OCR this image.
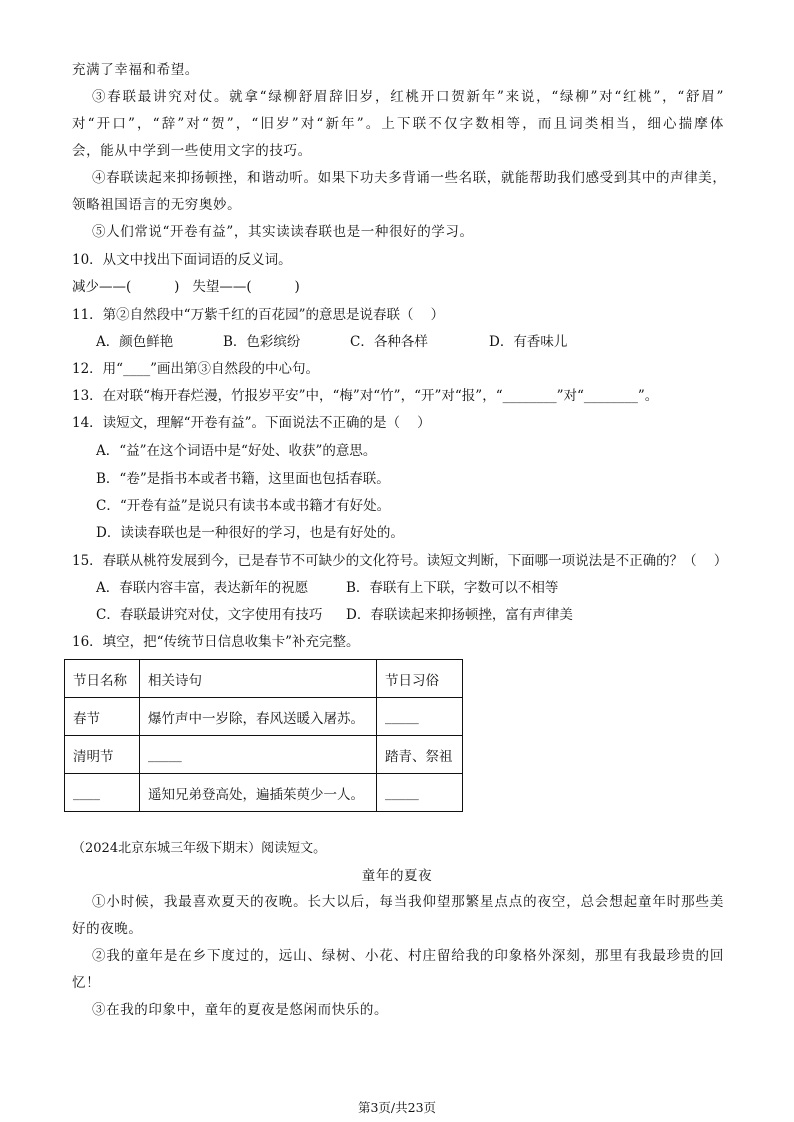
充满了幸福和希望。
③春联最讲究对仗。就拿“绿柳舒眉辞旧岁，红桃开口贺新年”来说，“绿柳”对“红桃”，“舒眉”
对“开口”，“辞”对“贺”，“旧岁”对“新年”。上下联不仅字数相等，而且词类相当，细心揣摩体
会，能从中学到一些使用文字的技巧。
④春联读起来抑扬顿挫，和谐动听。如果下功夫多背诵一些名联，就能帮助我们感受到其中的声律美，
领略祖国语言的无穷奥妙。
⑤人们常说“开卷有益”，其实读读春联也是一种很好的学习。
10．从文中找出下面词语的反义词。
减少——(          )   失望——(          )
11．第②自然段中“万紫千红的百花园”的意思是说春联（    ）
A．颜色鲜艳	B．色彩缤纷	C．各种各样	D．有香味儿
12．用“____”画出第③自然段的中心句。
13．在对联“梅开春烂漫，竹报岁平安”中，“梅”对“竹”，“开”对“报”，“________”对“________”。
14．读短文，理解“开卷有益”。下面说法不正确的是（    ）
A．“益”在这个词语中是“好处、收获”的意思。
B．“卷”是指书本或者书籍，这里面也包括春联。
C．“开卷有益”是说只有读书本或书籍才有好处。
D．读读春联也是一种很好的学习，也是有好处的。
15．春联从桃符发展到今，已是春节不可缺少的文化符号。读短文判断，下面哪一项说法是不正确的？（    ）
A．春联内容丰富，表达新年的祝愿	B．春联有上下联，字数可以不相等
C．春联最讲究对仗，文字使用有技巧	D．春联读起来抑扬顿挫，富有声律美
16．填空，把“传统节日信息收集卡”补充完整。
节日名称	相关诗句	节日习俗
春节	爆竹声中一岁除，春风送暖入屠苏。	_____
清明节	_____	踏青、祭祖
____	遥知兄弟登高处，遍插茱萸少一人。	_____
（2024北京东城三年级下期末）阅读短文。
童年的夏夜
①小时候，我最喜欢夏天的夜晚。长大以后，每当我仰望那繁星点点的夜空，总会想起童年时那些美
好的夜晚。
②我的童年是在乡下度过的，远山、绿树、小花、村庄留给我的印象格外深刻，那里有我最珍贵的回
忆！
③在我的印象中，童年的夏夜是悠闲而快乐的。
第3页/共23页
